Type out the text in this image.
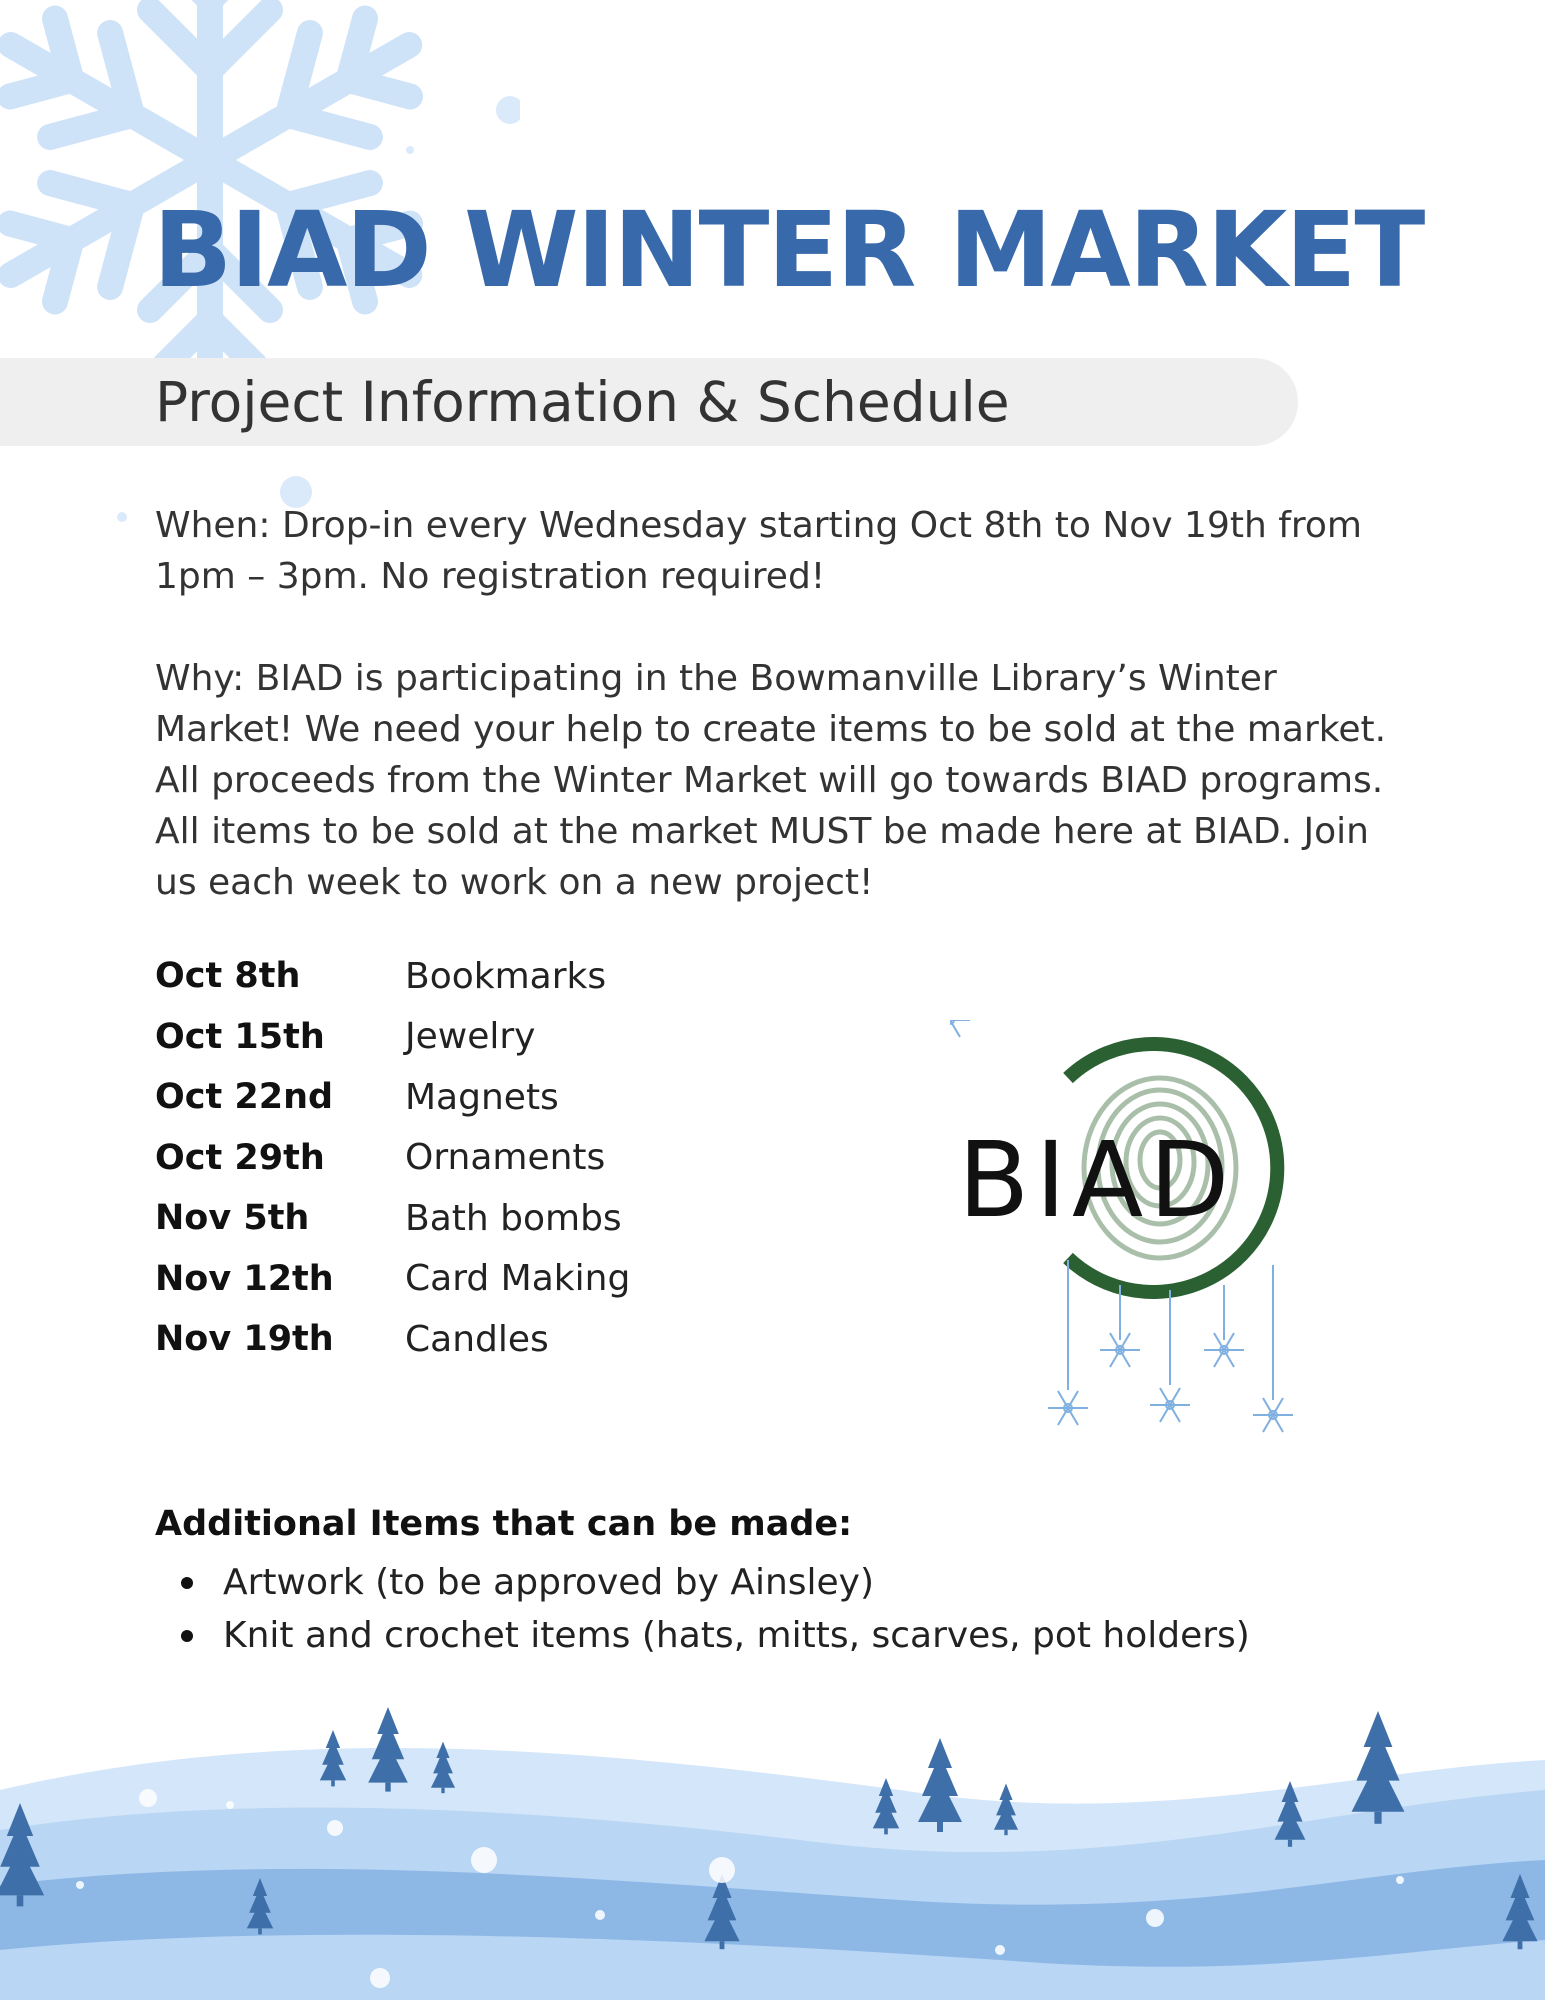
BIAD WINTER MARKET
Project Information & Schedule

When: Drop-in every Wednesday starting Oct 8th to Nov 19th from 1pm – 3pm. No registration required!

Why: BIAD is participating in the Bowmanville Library’s Winter Market! We need your help to create items to be sold at the market. All proceeds from the Winter Market will go towards BIAD programs. All items to be sold at the market MUST be made here at BIAD. Join us each week to work on a new project!

Oct 8th	Bookmarks
Oct 15th	Jewelry
Oct 22nd	Magnets
Oct 29th	Ornaments
Nov 5th	Bath bombs
Nov 12th	Card Making
Nov 19th	Candles
BIAD
Additional Items that can be made:
Artwork (to be approved by Ainsley)
Knit and crochet items (hats, mitts, scarves, pot holders)
